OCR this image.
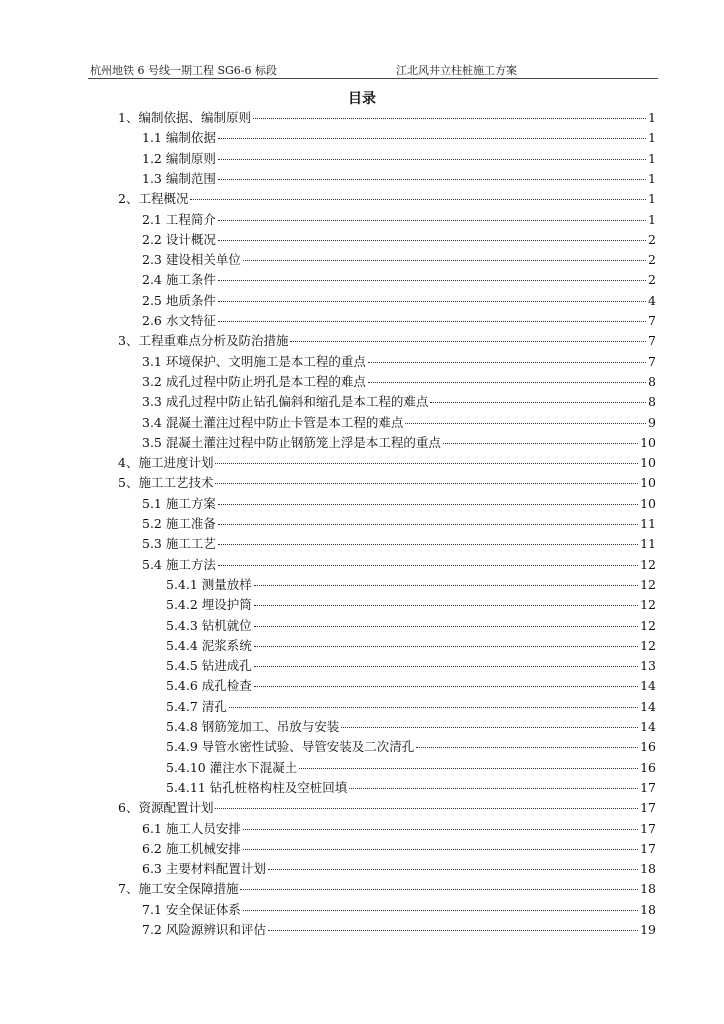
杭州地铁 6 号线一期工程 SG6-6 标段	江北风井立柱桩施工方案
目录
1、编制依据、编制原则	1
1.1 编制依据	1
1.2 编制原则	1
1.3 编制范围	1
2、工程概况	1
2.1 工程简介	1
2.2 设计概况	2
2.3 建设相关单位	2
2.4 施工条件	2
2.5 地质条件	4
2.6 水文特征	7
3、工程重难点分析及防治措施	7
3.1 环境保护、文明施工是本工程的重点	7
3.2 成孔过程中防止坍孔是本工程的难点	8
3.3 成孔过程中防止钻孔偏斜和缩孔是本工程的难点	8
3.4 混凝土灌注过程中防止卡管是本工程的难点	9
3.5 混凝土灌注过程中防止钢筋笼上浮是本工程的重点	10
4、施工进度计划	10
5、施工工艺技术	10
5.1 施工方案	10
5.2 施工准备	11
5.3 施工工艺	11
5.4 施工方法	12
5.4.1 测量放样	12
5.4.2 埋设护筒	12
5.4.3 钻机就位	12
5.4.4 泥浆系统	12
5.4.5 钻进成孔	13
5.4.6 成孔检查	14
5.4.7 清孔	14
5.4.8 钢筋笼加工、吊放与安装	14
5.4.9 导管水密性试验、导管安装及二次清孔	16
5.4.10 灌注水下混凝土	16
5.4.11 钻孔桩格构柱及空桩回填	17
6、资源配置计划	17
6.1 施工人员安排	17
6.2 施工机械安排	17
6.3 主要材料配置计划	18
7、施工安全保障措施	18
7.1 安全保证体系	18
7.2 风险源辨识和评估	19
